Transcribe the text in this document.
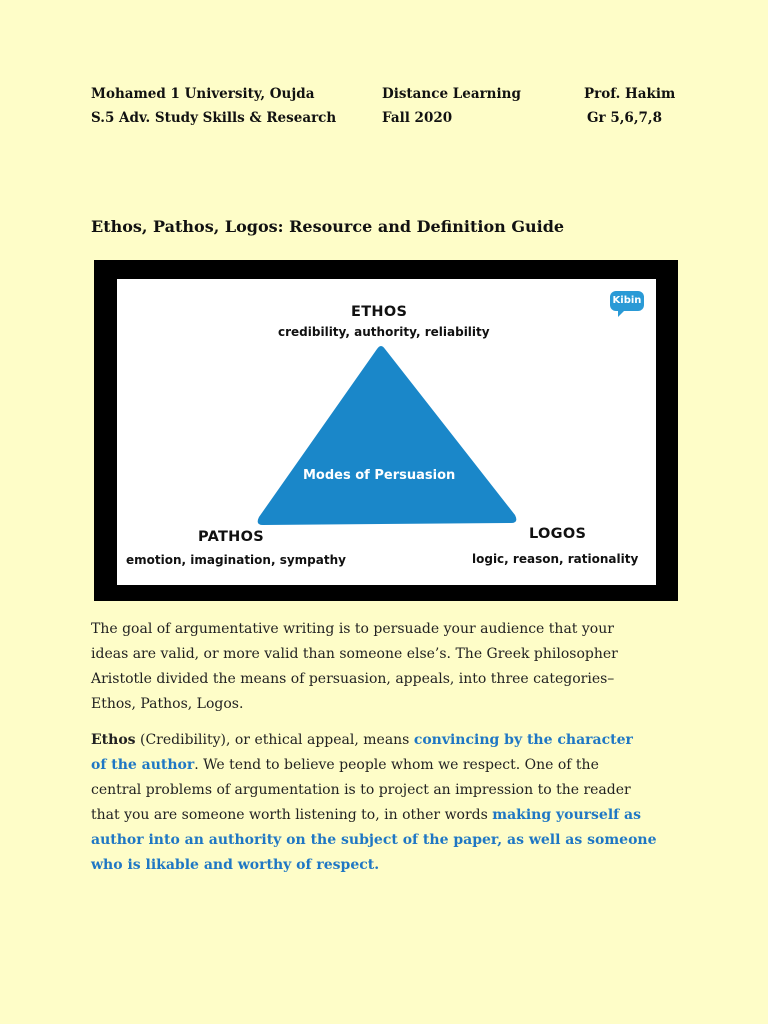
Mohamed 1 University, Oujda	Distance Learning	Prof. Hakim
S.5 Adv. Study Skills & Research	Fall 2020	Gr 5,6,7,8
Ethos, Pathos, Logos: Resource and Definition Guide
Kibin
ETHOS
credibility, authority, reliability
Modes of Persuasion
PATHOS
emotion, imagination, sympathy
LOGOS
logic, reason, rationality
The goal of argumentative writing is to persuade your audience that your
ideas are valid, or more valid than someone else’s. The Greek philosopher
Aristotle divided the means of persuasion, appeals, into three categories–
Ethos, Pathos, Logos.
Ethos (Credibility), or ethical appeal, means convincing by the character
of the author. We tend to believe people whom we respect. One of the
central problems of argumentation is to project an impression to the reader
that you are someone worth listening to, in other words making yourself as
author into an authority on the subject of the paper, as well as someone
who is likable and worthy of respect.
